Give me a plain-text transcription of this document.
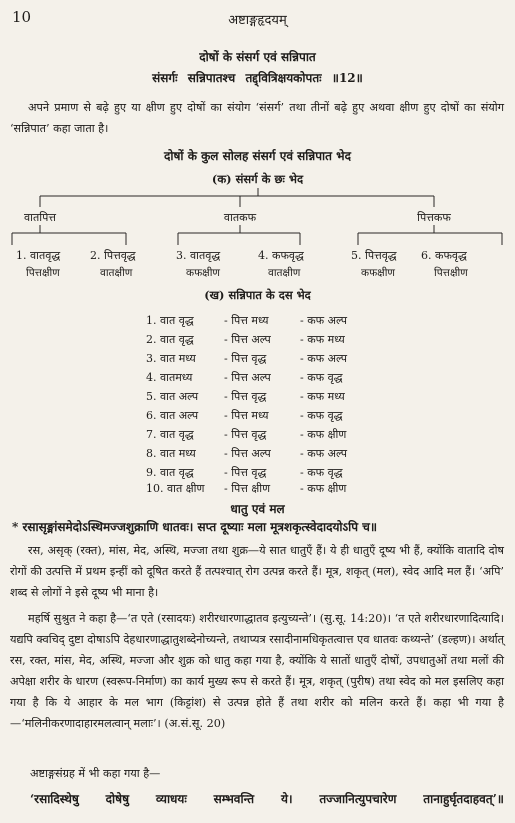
10	अष्टाङ्गहृदयम्
दोषों के संसर्ग एवं सन्निपात
संसर्गः सन्निपातश्च तद्द्वित्रिक्षयकोपतः ॥12॥
अपने प्रमाण से बढ़े हुए या क्षीण हुए दोषों का संयोग ‘संसर्ग’ तथा तीनों बढ़े हुए अथवा क्षीण हुए दोषों का संयोग ‘सन्निपात’ कहा जाता है।
दोषों के कुल सोलह संसर्ग एवं सन्निपात भेद
(क) संसर्ग के छः भेद
वातपित्त	वातकफ	पित्तकफ
1. वातवृद्ध
पित्तक्षीण
2. पित्तवृद्ध
वातक्षीण
3. वातवृद्ध
कफक्षीण
4. कफवृद्ध
वातक्षीण
5. पित्तवृद्ध
कफक्षीण
6. कफवृद्ध
पित्तक्षीण
(ख) सन्निपात के दस भेद
1. वात वृद्ध	- पित्त मध्य	- कफ अल्प
2. वात वृद्ध	- पित्त अल्प	- कफ मध्य
3. वात मध्य	- पित्त वृद्ध	- कफ अल्प
4. वातमध्य	- पित्त अल्प	- कफ वृद्ध
5. वात अल्प - पित्त वृद्ध	- कफ मध्य
6. वात अल्प - पित्त मध्य	- कफ वृद्ध
7. वात वृद्ध	- पित्त वृद्ध	- कफ क्षीण
8. वात मध्य	- पित्त अल्प	- कफ अल्प
9. वात वृद्ध	- पित्त वृद्ध	- कफ वृद्ध
10. वात क्षीण - पित्त क्षीण	- कफ क्षीण
धातु एवं मल
* रसासृङ्मांसमेदोऽस्थिमज्जशुक्राणि धातवः। सप्त दूष्याः मला मूत्रशकृत्स्वेदादयोऽपि च॥
रस, असृक् (रक्त), मांस, मेद, अस्थि, मज्जा तथा शुक्र—ये सात धातुएँ हैं। ये ही धातुएँ दूष्य भी हैं, क्योंकि वातादि दोष रोगों की उत्पत्ति में प्रथम इन्हीं को दूषित करते हैं तत्पश्चात् रोग उत्पन्न करते हैं। मूत्र, शकृत् (मल), स्वेद आदि मल हैं। ‘अपि’ शब्द से लोगों ने इसे दूष्य भी माना है।
महर्षि सुश्रुत ने कहा है—‘त एते (रसादयः) शरीरधारणाद्धातव इत्युच्यन्ते’। (सु.सू. 14:20)। ‘त एते शरीरधारणादित्यादि। यद्यपि क्वचिद् दुष्टा दोषाऽपि देहधारणाद्धातुशब्देनोच्यन्ते, तथाप्यत्र रसादीनामधिकृतत्वात्त एव धातवः कथ्यन्ते’ (डल्हण)। अर्थात् रस, रक्त, मांस, मेद, अस्थि, मज्जा और शुक्र को धातु कहा गया है, क्योंकि ये सातों धातुएँ दोषों, उपधातुओं तथा मलों की अपेक्षा शरीर के धारण (स्वरूप-निर्माण) का कार्य मुख्य रूप से करते हैं। मूत्र, शकृत् (पुरीष) तथा स्वेद को मल इसलिए कहा गया है कि ये आहार के मल भाग (किट्टांश) से उत्पन्न होते हैं तथा शरीर को मलिन करते हैं। कहा भी गया है—‘मलिनीकरणादाहारमलत्वान् मलाः’। (अ.सं.सू. 20)
अष्टाङ्गसंग्रह में भी कहा गया है—
‘रसादिस्थेषु दोषेषु व्याधयः सम्भवन्ति ये। तज्जानित्युपचारेण तानाहुर्घृतदाहवत्’॥
